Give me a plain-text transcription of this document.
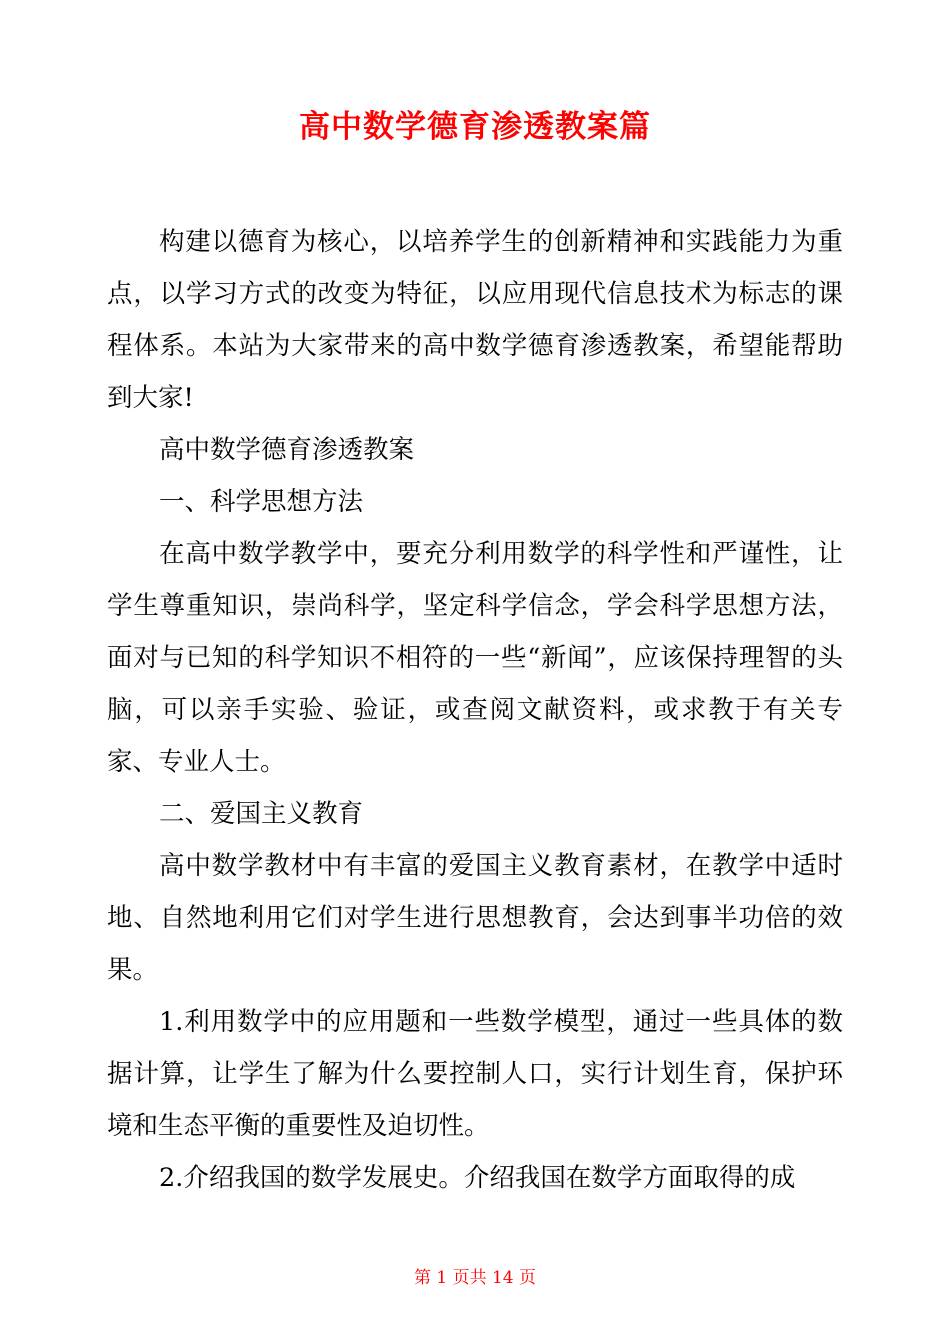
高中数学德育渗透教案篇

构建以德育为核心，以培养学生的创新精神和实践能力为重点，以学习方式的改变为特征，以应用现代信息技术为标志的课程体系。本站为大家带来的高中数学德育渗透教案，希望能帮助到大家!

高中数学德育渗透教案

一、科学思想方法

在高中数学教学中，要充分利用数学的科学性和严谨性，让学生尊重知识，崇尚科学，坚定科学信念，学会科学思想方法，面对与已知的科学知识不相符的一些“新闻”，应该保持理智的头脑，可以亲手实验、验证，或查阅文献资料，或求教于有关专家、专业人士。

二、爱国主义教育

高中数学教材中有丰富的爱国主义教育素材，在教学中适时地、自然地利用它们对学生进行思想教育，会达到事半功倍的效果。

1.利用数学中的应用题和一些数学模型，通过一些具体的数据计算，让学生了解为什么要控制人口，实行计划生育，保护环境和生态平衡的重要性及迫切性。

2.介绍我国的数学发展史。介绍我国在数学方面取得的成

第 1 页共 14 页
